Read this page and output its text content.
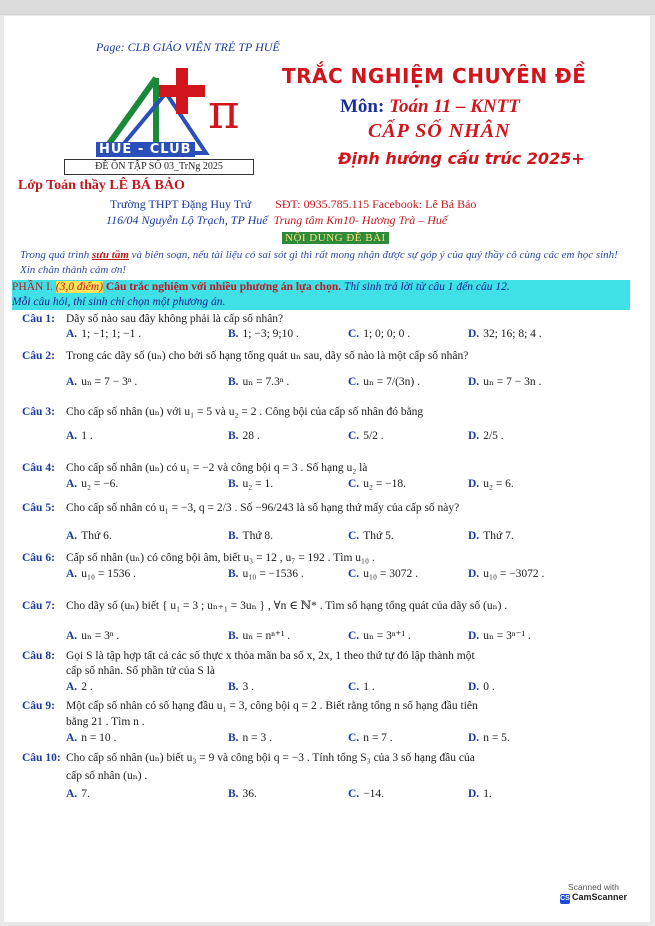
Page: CLB GIÁO VIÊN TRẺ TP HUẾ
π
HUE - CLUB
ĐỀ ÔN TẬP SỐ 03_TrNg 2025
TRẮC NGHIỆM CHUYÊN ĐỀ
Môn: Toán 11 – KNTT
CẤP SỐ NHÂN
Định hướng cấu trúc 2025+
Lớp Toán thầy LÊ BÁ BẢO
Trường THPT Đặng Huy Trứ SĐT: 0935.785.115 Facebook: Lê Bá Bảo
116/04 Nguyễn Lộ Trạch, TP Huế Trung tâm Km10- Hương Trà – Huế
NỘI DUNG ĐỀ BÀI
Trong quá trình sưu tầm và biên soạn, nếu tài liệu có sai sót gì thì rất mong nhận được sự góp ý của quý thầy cô cùng các em học sinh! Xin chân thành cảm ơn!
PHẦN I. (3,0 điểm) Câu trắc nghiệm với nhiều phương án lựa chọn. Thí sinh trả lời từ câu 1 đến câu 12.
Mỗi câu hỏi, thí sinh chỉ chọn một phương án.
Câu 1: Dãy số nào sau đây không phải là cấp số nhân?
A. 1; −1; 1; −1 .	B. 1; −3; 9;10 .	C. 1; 0; 0; 0 .	D. 32; 16; 8; 4 .
Câu 2: Trong các dãy số (uₙ) cho bởi số hạng tổng quát uₙ sau, dãy số nào là một cấp số nhân?
A. uₙ = 7 − 3ⁿ .	B. uₙ = 7.3ⁿ .	C. uₙ = 7/(3n) .	D. uₙ = 7 − 3n .
Câu 3: Cho cấp số nhân (uₙ) với u₁ = 5 và u₂ = 2 . Công bội của cấp số nhân đó bằng
A. 1 .	B. 28 .	C. 5/2 .	D. 2/5 .
Câu 4: Cho cấp số nhân (uₙ) có u₁ = −2 và công bội q = 3 . Số hạng u₂ là
A. u₂ = −6.	B. u₂ = 1.	C. u₂ = −18.	D. u₂ = 6.
Câu 5: Cho cấp số nhân có u₁ = −3, q = 2/3 . Số −96/243 là số hạng thứ mấy của cấp số này?
A. Thứ 6.	B. Thứ 8.	C. Thứ 5.	D. Thứ 7.
Câu 6: Cấp số nhân (uₙ) có công bội âm, biết u₃ = 12 , u₇ = 192 . Tìm u₁₀ .
A. u₁₀ = 1536 .	B. u₁₀ = −1536 .	C. u₁₀ = 3072 .	D. u₁₀ = −3072 .
Câu 7: Cho dãy số (uₙ) biết { u₁ = 3 ; uₙ₊₁ = 3uₙ } , ∀n ∈ ℕ* . Tìm số hạng tổng quát của dãy số (uₙ) .
A. uₙ = 3ⁿ .	B. uₙ = nⁿ⁺¹ .	C. uₙ = 3ⁿ⁺¹ .	D. uₙ = 3ⁿ⁻¹ .
Câu 8: Gọi S là tập hợp tất cả các số thực x thỏa mãn ba số x, 2x, 1 theo thứ tự đó lập thành một
cấp số nhân. Số phần tử của S là
A. 2 .	B. 3 .	C. 1 .	D. 0 .
Câu 9: Một cấp số nhân có số hạng đầu u₁ = 3, công bội q = 2 . Biết rằng tổng n số hạng đầu tiên
bằng 21 . Tìm n .
A. n = 10 .	B. n = 3 .	C. n = 7 .	D. n = 5.
Câu 10: Cho cấp số nhân (uₙ) biết u₃ = 9 và công bội q = −3 . Tính tổng S₃ của 3 số hạng đầu của
cấp số nhân (uₙ) .
A. 7.	B. 36.	C. −14.	D. 1.
Scanned with
CS CamScanner
